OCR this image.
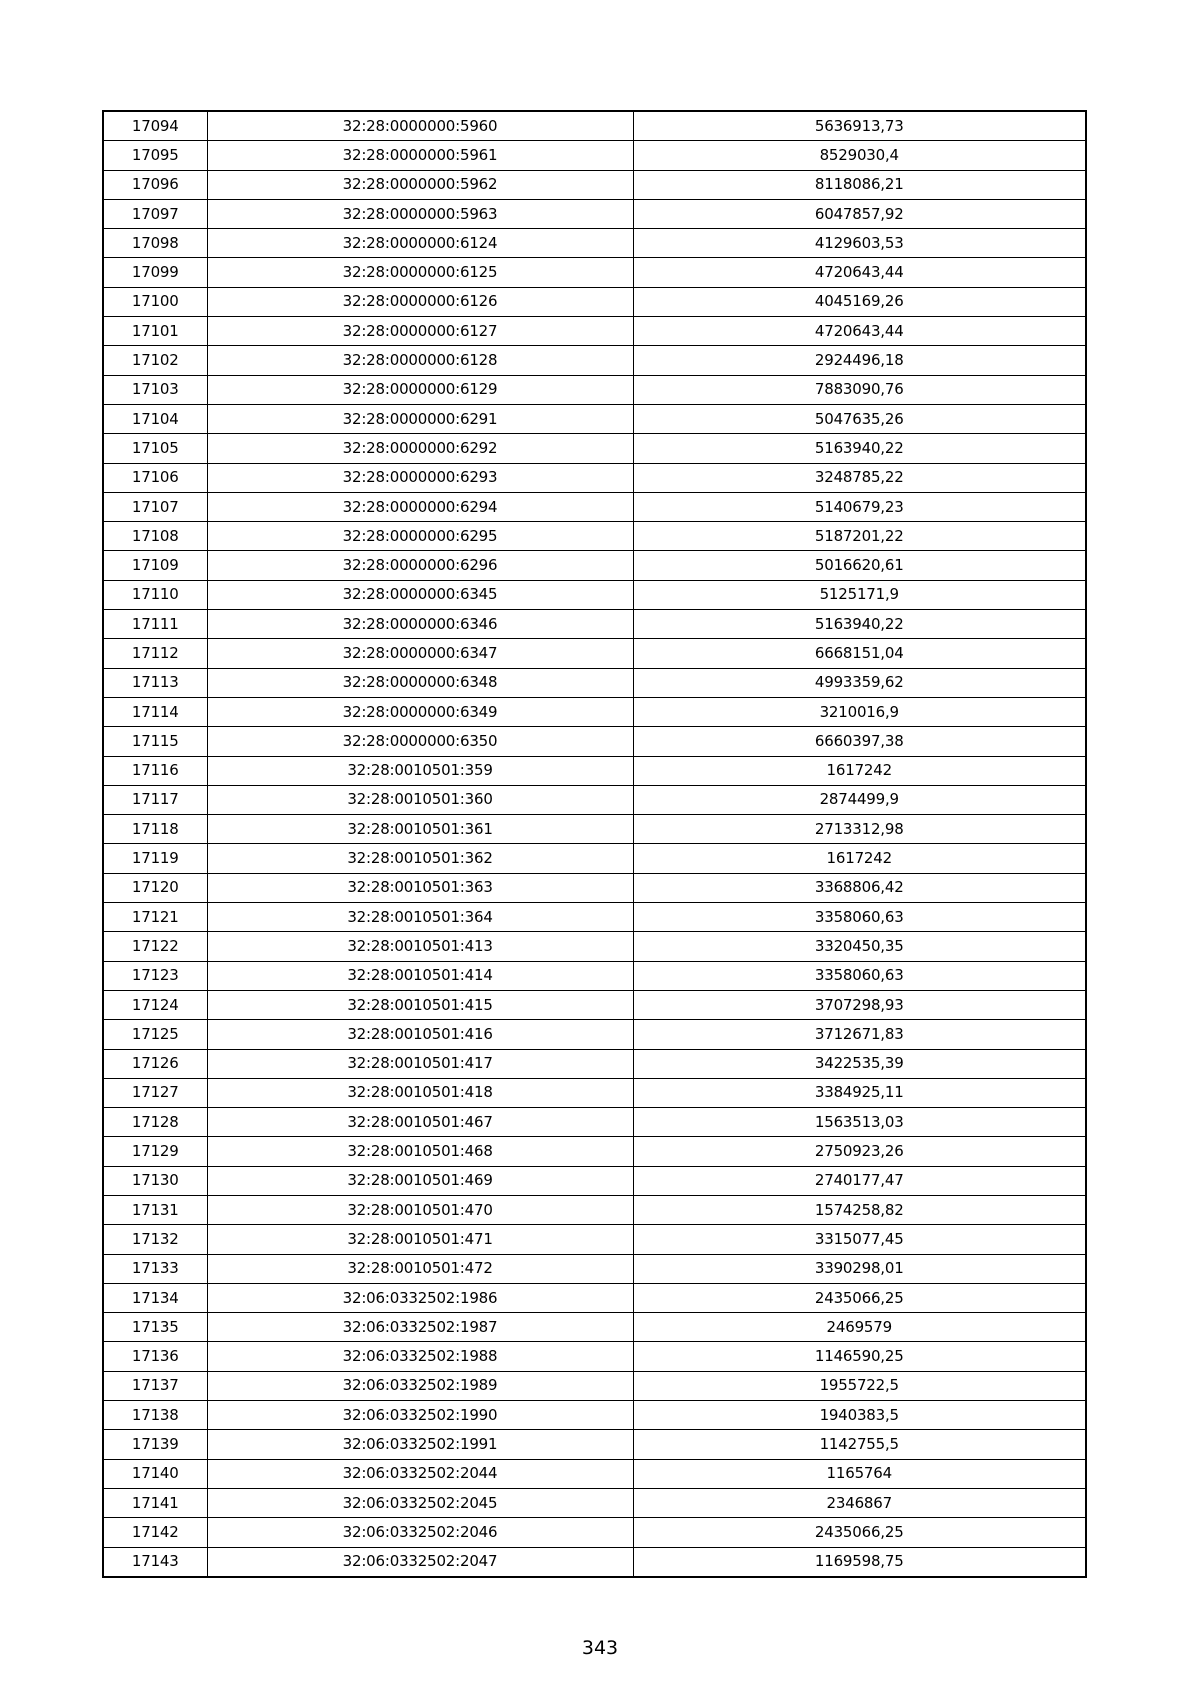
17094	32:28:0000000:5960	5636913,73
17095	32:28:0000000:5961	8529030,4
17096	32:28:0000000:5962	8118086,21
17097	32:28:0000000:5963	6047857,92
17098	32:28:0000000:6124	4129603,53
17099	32:28:0000000:6125	4720643,44
17100	32:28:0000000:6126	4045169,26
17101	32:28:0000000:6127	4720643,44
17102	32:28:0000000:6128	2924496,18
17103	32:28:0000000:6129	7883090,76
17104	32:28:0000000:6291	5047635,26
17105	32:28:0000000:6292	5163940,22
17106	32:28:0000000:6293	3248785,22
17107	32:28:0000000:6294	5140679,23
17108	32:28:0000000:6295	5187201,22
17109	32:28:0000000:6296	5016620,61
17110	32:28:0000000:6345	5125171,9
17111	32:28:0000000:6346	5163940,22
17112	32:28:0000000:6347	6668151,04
17113	32:28:0000000:6348	4993359,62
17114	32:28:0000000:6349	3210016,9
17115	32:28:0000000:6350	6660397,38
17116	32:28:0010501:359	1617242
17117	32:28:0010501:360	2874499,9
17118	32:28:0010501:361	2713312,98
17119	32:28:0010501:362	1617242
17120	32:28:0010501:363	3368806,42
17121	32:28:0010501:364	3358060,63
17122	32:28:0010501:413	3320450,35
17123	32:28:0010501:414	3358060,63
17124	32:28:0010501:415	3707298,93
17125	32:28:0010501:416	3712671,83
17126	32:28:0010501:417	3422535,39
17127	32:28:0010501:418	3384925,11
17128	32:28:0010501:467	1563513,03
17129	32:28:0010501:468	2750923,26
17130	32:28:0010501:469	2740177,47
17131	32:28:0010501:470	1574258,82
17132	32:28:0010501:471	3315077,45
17133	32:28:0010501:472	3390298,01
17134	32:06:0332502:1986	2435066,25
17135	32:06:0332502:1987	2469579
17136	32:06:0332502:1988	1146590,25
17137	32:06:0332502:1989	1955722,5
17138	32:06:0332502:1990	1940383,5
17139	32:06:0332502:1991	1142755,5
17140	32:06:0332502:2044	1165764
17141	32:06:0332502:2045	2346867
17142	32:06:0332502:2046	2435066,25
17143	32:06:0332502:2047	1169598,75
343
